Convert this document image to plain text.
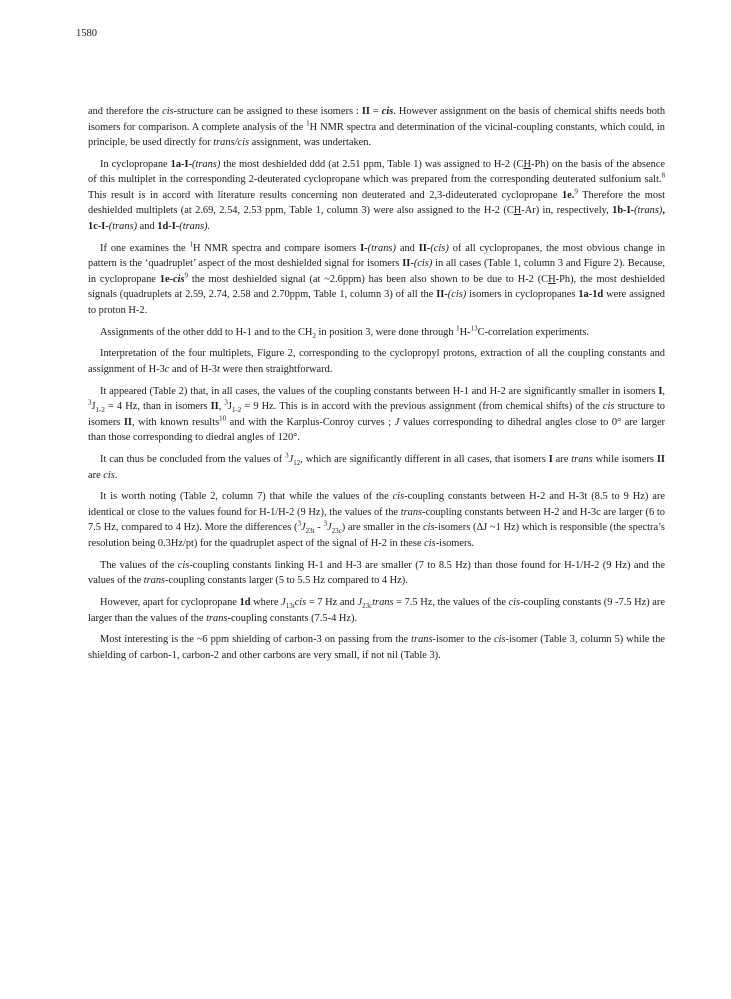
1580

and therefore the cis-structure can be assigned to these isomers : II = cis. However assignment on the basis of chemical shifts needs both isomers for comparison. A complete analysis of the $^1$H NMR spectra and determination of the vicinal-coupling constants, which could, in principle, be used directly for trans/cis assignment, was undertaken.

In cyclopropane 1a-I-(trans) the most deshielded ddd (at 2.51 ppm, Table 1) was assigned to H-2 (CH-Ph) on the basis of the absence of this multiplet in the corresponding 2-deuterated cyclopropane which was prepared from the corresponding deuterated sulfonium salt.$^8$ This result is in accord with literature results concerning non deuterated and 2,3-dideuterated cyclopropane 1e.$^9$ Therefore the most deshielded multiplets (at 2.69, 2.54, 2.53 ppm, Table 1, column 3) were also assigned to the H-2 (CH-Ar) in, respectively, 1b-I-(trans), 1c-I-(trans) and 1d-I-(trans).

If one examines the $^1$H NMR spectra and compare isomers I-(trans) and II-(cis) of all cyclopropanes, the most obvious change in pattern is the ‘quadruplet’ aspect of the most deshielded signal for isomers II-(cis) in all cases (Table 1, column 3 and Figure 2). Because, in cyclopropane 1e-cis$^9$ the most deshielded signal (at ~2.6ppm) has been also shown to be due to H-2 (CH-Ph), the most deshielded signals (quadruplets at 2.59, 2.74, 2.58 and 2.70ppm, Table 1, column 3) of all the II-(cis) isomers in cyclopropanes 1a-1d were assigned to proton H-2.

Assignments of the other ddd to H-1 and to the $CH_2$ in position 3, were done through $^1$H-$^{13}$C-correlation experiments.

Interpretation of the four multiplets, Figure 2, corresponding to the cyclopropyl protons, extraction of all the coupling constants and assignment of H-3c and of H-3t were then straightforward.

It appeared (Table 2) that, in all cases, the values of the coupling constants between H-1 and H-2 are significantly smaller in isomers I, $^3J_{1-2} = 4$ Hz, than in isomers II, $^3J_{1-2} = 9$ Hz. This is in accord with the previous assignment (from chemical shifts) of the cis structure to isomers II, with known results$^{10}$ and with the Karplus-Conroy curves ; J values corresponding to dihedral angles close to 0° are larger than those corresponding to diedral angles of 120°.

It can thus be concluded from the values of $^3J_{12}$, which are significantly different in all cases, that isomers I are trans while isomers II are cis.

It is worth noting (Table 2, column 7) that while the values of the cis-coupling constants between H-2 and H-3t (8.5 to 9 Hz) are identical or close to the values found for H-1/H-2 (9 Hz), the values of the trans-coupling constants between H-2 and H-3c are larger (6 to 7.5 Hz, compared to 4 Hz). More the differences $(^3J_{23t} - ^3J_{23c})$ are smaller in the cis-isomers (ΔJ ~1 Hz) which is responsible (the spectra’s resolution being 0.3Hz/pt) for the quadruplet aspect of the signal of H-2 in these cis-isomers.

The values of the cis-coupling constants linking H-1 and H-3 are smaller (7 to 8.5 Hz) than those found for H-1/H-2 (9 Hz) and the values of the trans-coupling constants larger (5 to 5.5 Hz compared to 4 Hz).

However, apart for cyclopropane 1d where $J_{13t}cis = 7$ Hz and $J_{23c}trans = 7.5$ Hz, the values of the cis-coupling constants (9 -7.5 Hz) are larger than the values of the trans-coupling constants (7.5-4 Hz).

Most interesting is the ~6 ppm shielding of carbon-3 on passing from the trans-isomer to the cis-isomer (Table 3, column 5) while the shielding of carbon-1, carbon-2 and other carbons are very small, if not nil (Table 3).
